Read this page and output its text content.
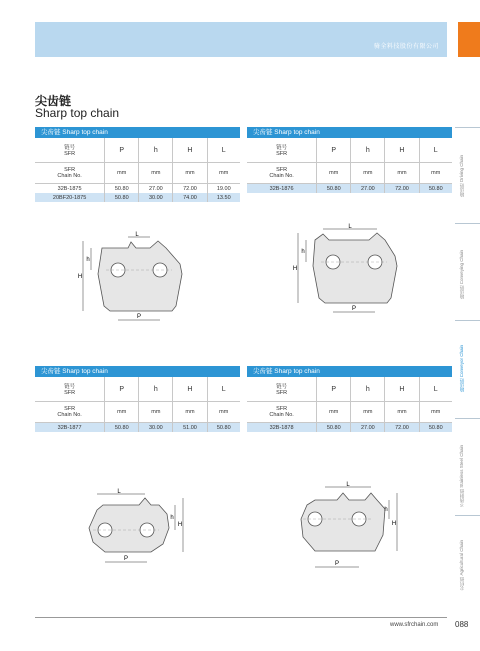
骑全料技股份有限公司
尖齿链
Sharp top chain
尖齿链 Sharp top chain
链号
SFR	P	h	H	L
SFR
Chain No.	mm	mm	mm	mm
32B-1875	50.80	27.00	72.00	19.00
20BF20-1875	50.80	30.00	74.00	13.50
尖齿链 Sharp top chain
链号
SFR	P	h	H	L
SFR
Chain No.	mm	mm	mm	mm
32B-1876	50.80	27.00	72.00	50.80
L
h
H
P
L
h
H
P
尖齿链 Sharp top chain
链号
SFR	P	h	H	L
SFR
Chain No.	mm	mm	mm	mm
32B-1877	50.80	30.00	51.00	50.80
尖齿链 Sharp top chain
链号
SFR	P	h	H	L
SFR
Chain No.	mm	mm	mm	mm
32B-1878	50.80	27.00	72.00	50.80
L
h
H
P
L
h
H
P
输送链 Driving Chain
输送链 Conveying Chain
输送链 Conveyor Chain
不锈钢链 Stainless Steel Chain
农机链 Agricultural Chain
www.sfrchain.com 088
